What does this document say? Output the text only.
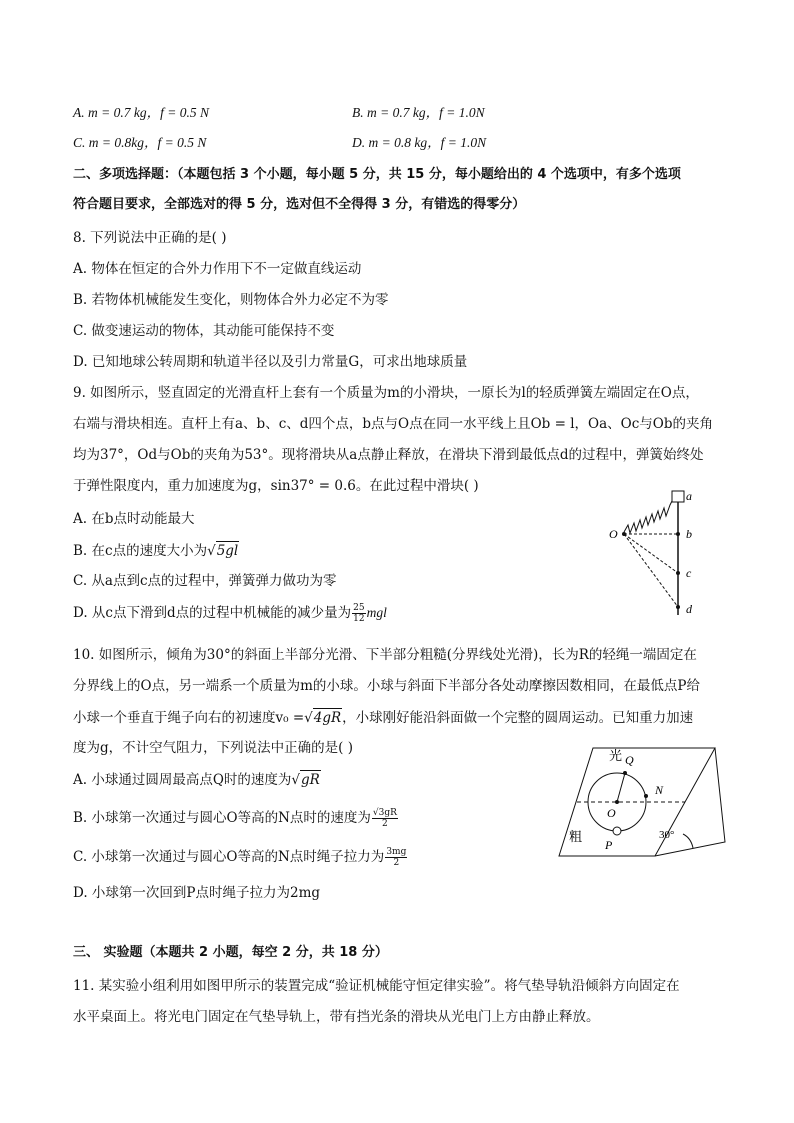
A. m = 0.7 kg，f = 0.5 N	B. m = 0.7 kg，f = 1.0N
C. m = 0.8kg，f = 0.5 N	D. m = 0.8 kg，f = 1.0N
二、多项选择题：（本题包括 3 个小题，每小题 5 分，共 15 分，每小题给出的 4 个选项中，有多个选项
符合题目要求，全部选对的得 5 分，选对但不全得得 3 分，有错选的得零分）
8. 下列说法中正确的是( )
A. 物体在恒定的合外力作用下不一定做直线运动
B. 若物体机械能发生变化，则物体合外力必定不为零
C. 做变速运动的物体，其动能可能保持不变
D. 已知地球公转周期和轨道半径以及引力常量G，可求出地球质量
9. 如图所示，竖直固定的光滑直杆上套有一个质量为m的小滑块，一原长为l的轻质弹簧左端固定在O点，
右端与滑块相连。直杆上有a、b、c、d四个点，b点与O点在同一水平线上且Ob = l，Oa、Oc与Ob的夹角
均为37°，Od与Ob的夹角为53°。现将滑块从a点静止释放，在滑块下滑到最低点d的过程中，弹簧始终处
于弹性限度内，重力加速度为g，sin37° = 0.6。在此过程中滑块( )
A. 在b点时动能最大
B. 在c点的速度大小为√5gl
C. 从a点到c点的过程中，弹簧弹力做功为零
D. 从c点下滑到d点的过程中机械能的减少量为 $\frac{25}{12}$ mgl
O
a
b
c
d
10. 如图所示，倾角为30°的斜面上半部分光滑、下半部分粗糙(分界线处光滑)，长为R的轻绳一端固定在
分界线上的O点，另一端系一个质量为m的小球。小球与斜面下半部分各处动摩擦因数相同，在最低点P给
小球一个垂直于绳子向右的初速度v₀ =√4gR，小球刚好能沿斜面做一个完整的圆周运动。已知重力加速
度为g，不计空气阻力，下列说法中正确的是( )
A. 小球通过圆周最高点Q时的速度为√gR
B. 小球第一次通过与圆心O等高的N点时的速度为 $\frac{√3gR}{2}$
C. 小球第一次通过与圆心O等高的N点时绳子拉力为 $\frac{3mg}{2}$
D. 小球第一次回到P点时绳子拉力为2mg
光
粗
Q
N
O
P
30°
三、 实验题（本题共 2 小题，每空 2 分，共 18 分）
11. 某实验小组利用如图甲所示的装置完成“验证机械能守恒定律实验”。将气垫导轨沿倾斜方向固定在
水平桌面上。将光电门固定在气垫导轨上，带有挡光条的滑块从光电门上方由静止释放。
